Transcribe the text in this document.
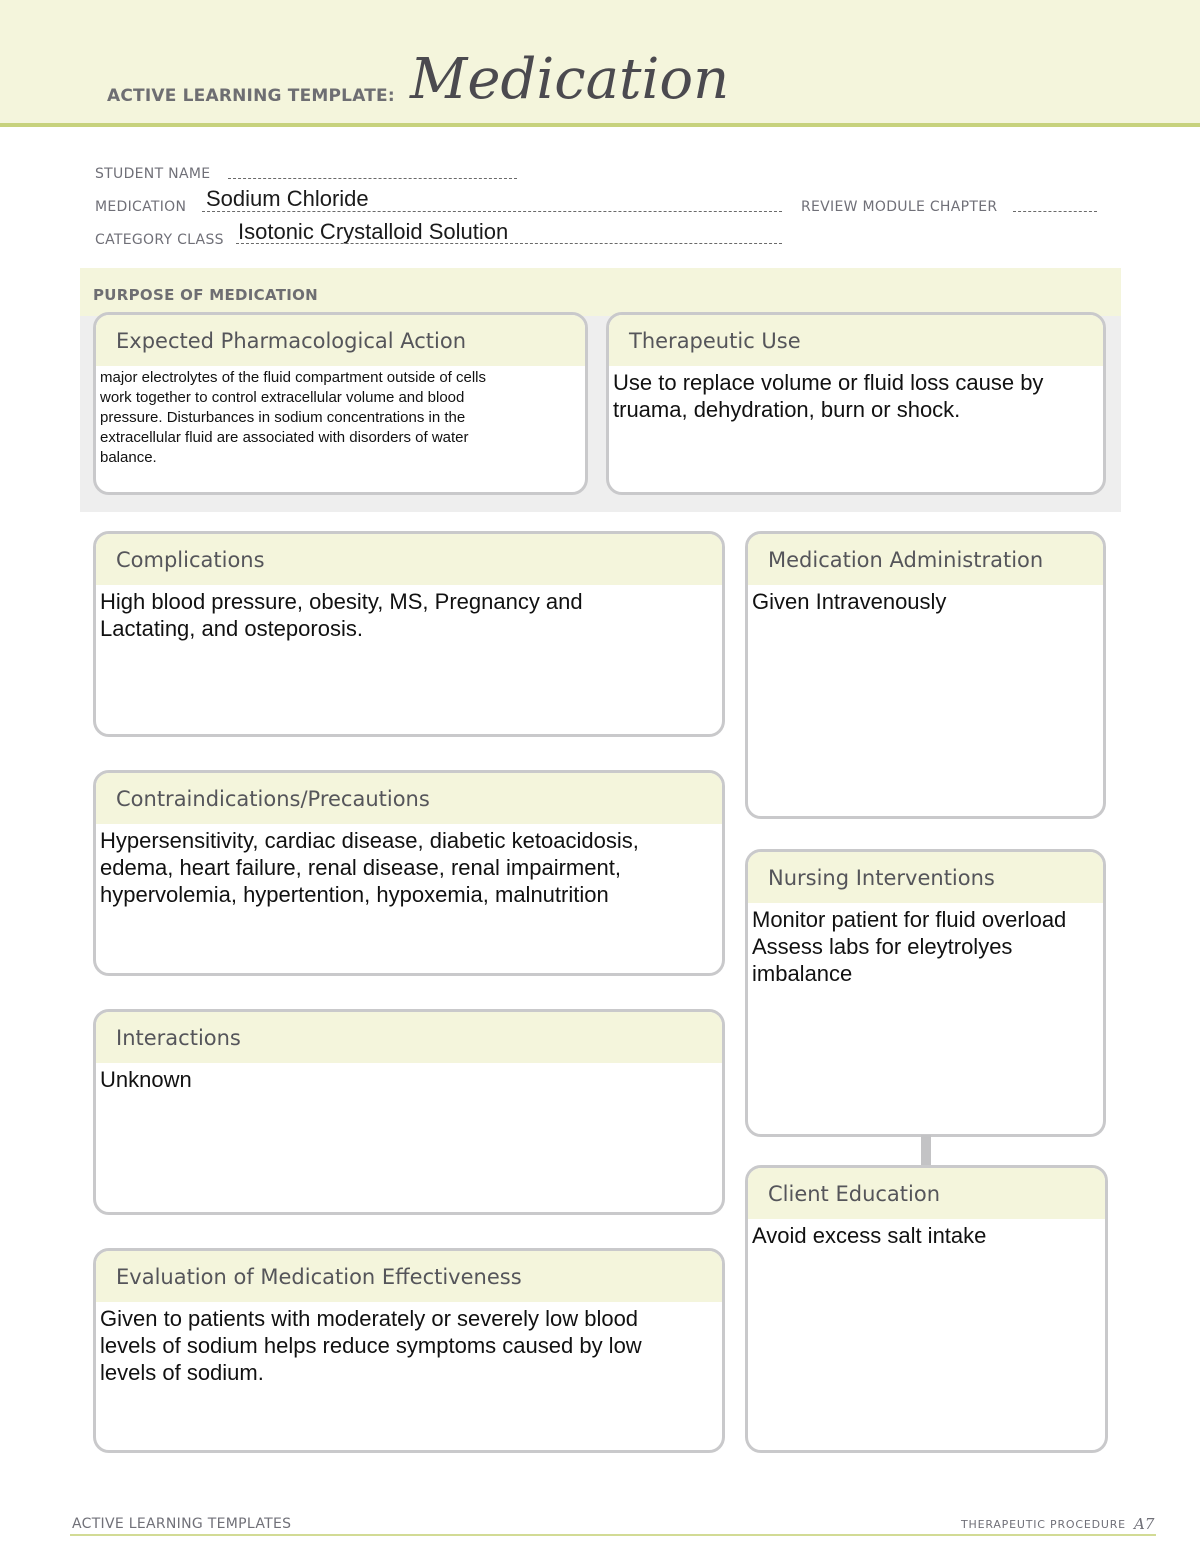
ACTIVE LEARNING TEMPLATE: Medication
STUDENT NAME
MEDICATION Sodium Chloride	REVIEW MODULE CHAPTER
CATEGORY CLASS Isotonic Crystalloid Solution
PURPOSE OF MEDICATION
Expected Pharmacological Action
major electrolytes of the fluid compartment outside of cells
work together to control extracellular volume and blood
pressure. Disturbances in sodium concentrations in the
extracellular fluid are associated with disorders of water
balance.
Therapeutic Use
Use to replace volume or fluid loss cause by
truama, dehydration, burn or shock.
Complications
High blood pressure, obesity, MS, Pregnancy and
Lactating, and osteporosis.
Contraindications/Precautions
Hypersensitivity, cardiac disease, diabetic ketoacidosis,
edema, heart failure, renal disease, renal impairment,
hypervolemia, hypertention, hypoxemia, malnutrition
Interactions
Unknown
Evaluation of Medication Effectiveness
Given to patients with moderately or severely low blood
levels of sodium helps reduce symptoms caused by low
levels of sodium.
Medication Administration
Given Intravenously
Nursing Interventions
Monitor patient for fluid overload
Assess labs for eleytrolyes
imbalance
Client Education
Avoid excess salt intake
ACTIVE LEARNING TEMPLATES	THERAPEUTIC PROCEDURE A7
